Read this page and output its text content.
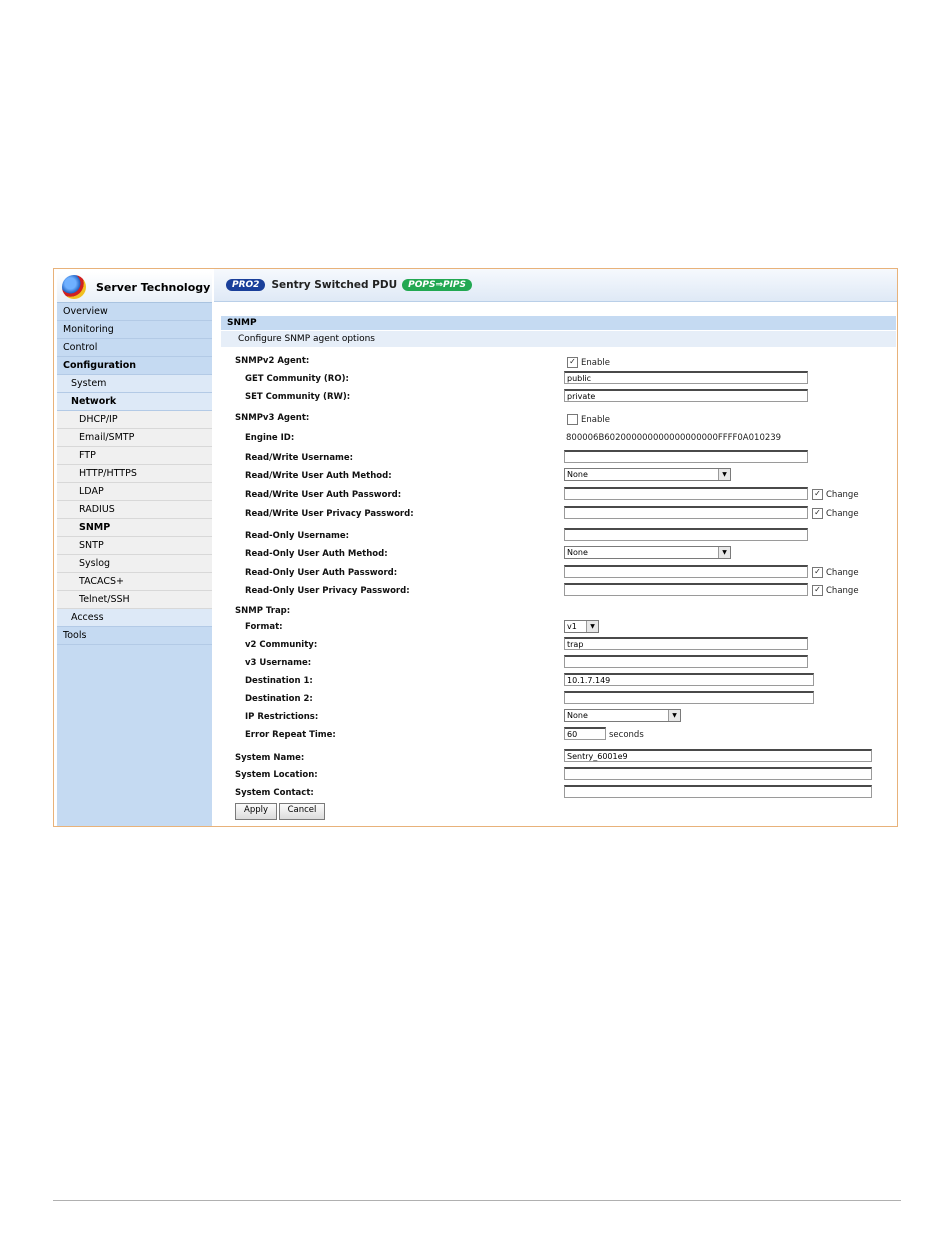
Server Technology
Overview
Monitoring
Control
Configuration
System
Network
DHCP/IP
Email/SMTP
FTP
HTTP/HTTPS
LDAP
RADIUS
SNMP
SNTP
Syslog
TACACS+
Telnet/SSH
Access
Tools
PRO2	Sentry Switched PDU	POPS⇒PIPS
SNMP
Configure SNMP agent options
SNMPv2 Agent:	✓ Enable
GET Community (RO):	public
SET Community (RW):	private
SNMPv3 Agent:	Enable
Engine ID:	800006B602000000000000000000FFFF0A010239
Read/Write Username:
Read/Write User Auth Method:	None	▼
Read/Write User Auth Password:	✓ Change
Read/Write User Privacy Password:	✓ Change
Read-Only Username:
Read-Only User Auth Method:	None	▼
Read-Only User Auth Password:	✓ Change
Read-Only User Privacy Password:	✓ Change
SNMP Trap:
Format:	v1	▼
v2 Community:	trap
v3 Username:
Destination 1:	10.1.7.149
Destination 2:
IP Restrictions:	None	▼
Error Repeat Time:	60	seconds
System Name:	Sentry_6001e9
System Location:
System Contact:
Apply	Cancel
